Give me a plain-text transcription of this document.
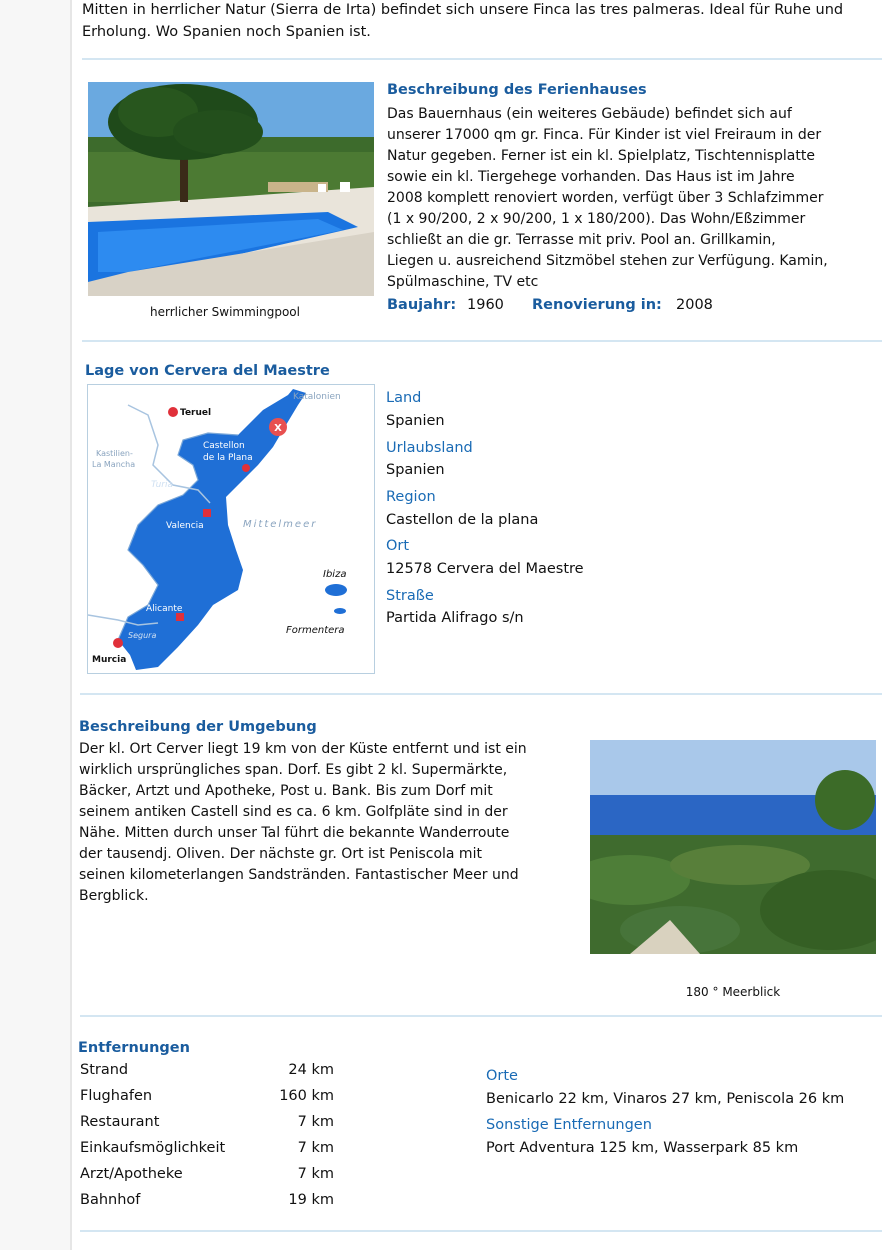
Mitten in herrlicher Natur (Sierra de Irta) befindet sich unsere Finca las tres palmeras. Ideal für Ruhe und Erholung. Wo Spanien noch Spanien ist.

herrlicher Swimmingpool

Beschreibung des Ferienhauses

Das Bauernhaus (ein weiteres Gebäude) befindet sich auf
unserer 17000 qm gr. Finca. Für Kinder ist viel Freiraum in der
Natur gegeben. Ferner ist ein kl. Spielplatz, Tischtennisplatte
sowie ein kl. Tiergehege vorhanden. Das Haus ist im Jahre
2008 komplett renoviert worden, verfügt über 3 Schlafzimmer
(1 x 90/200, 2 x 90/200, 1 x 180/200). Das Wohn/Eßzimmer
schließt an die gr. Terrasse mit priv. Pool an. Grillkamin,
Liegen u. ausreichend Sitzmöbel stehen zur Verfügung. Kamin,
Spülmaschine, TV etc
Baujahr: 1960 Renovierung in: 2008

Lage von Cervera del Maestre

X
Teruel
Katalonien
Castellon
de la Plana
Kastilien-
La Mancha
Turia
Valencia	Mittelmeer
Ibiza
Alicante
Segura	Formentera
Murcia
Land
Spanien
Urlaubsland
Spanien
Region
Castellon de la plana
Ort
12578 Cervera del Maestre
Straße
Partida Alifrago s/n

Beschreibung der Umgebung

Der kl. Ort Cerver liegt 19 km von der Küste entfernt und ist ein
wirklich ursprüngliches span. Dorf. Es gibt 2 kl. Supermärkte,
Bäcker, Artzt und Apotheke, Post u. Bank. Bis zum Dorf mit
seinem antiken Castell sind es ca. 6 km. Golfpläte sind in der
Nähe. Mitten durch unser Tal führt die bekannte Wanderroute
der tausendj. Oliven. Der nächste gr. Ort ist Peniscola mit
seinen kilometerlangen Sandstränden. Fantastischer Meer und
Bergblick.
180 ° Meerblick

Entfernungen

Strand	24 km
Flughafen	160 km
Restaurant	7 km
Einkaufsmöglichkeit	7 km
Arzt/Apotheke	7 km
Bahnhof	19 km
Orte
Benicarlo 22 km, Vinaros 27 km, Peniscola 26 km
Sonstige Entfernungen
Port Adventura 125 km, Wasserpark 85 km
